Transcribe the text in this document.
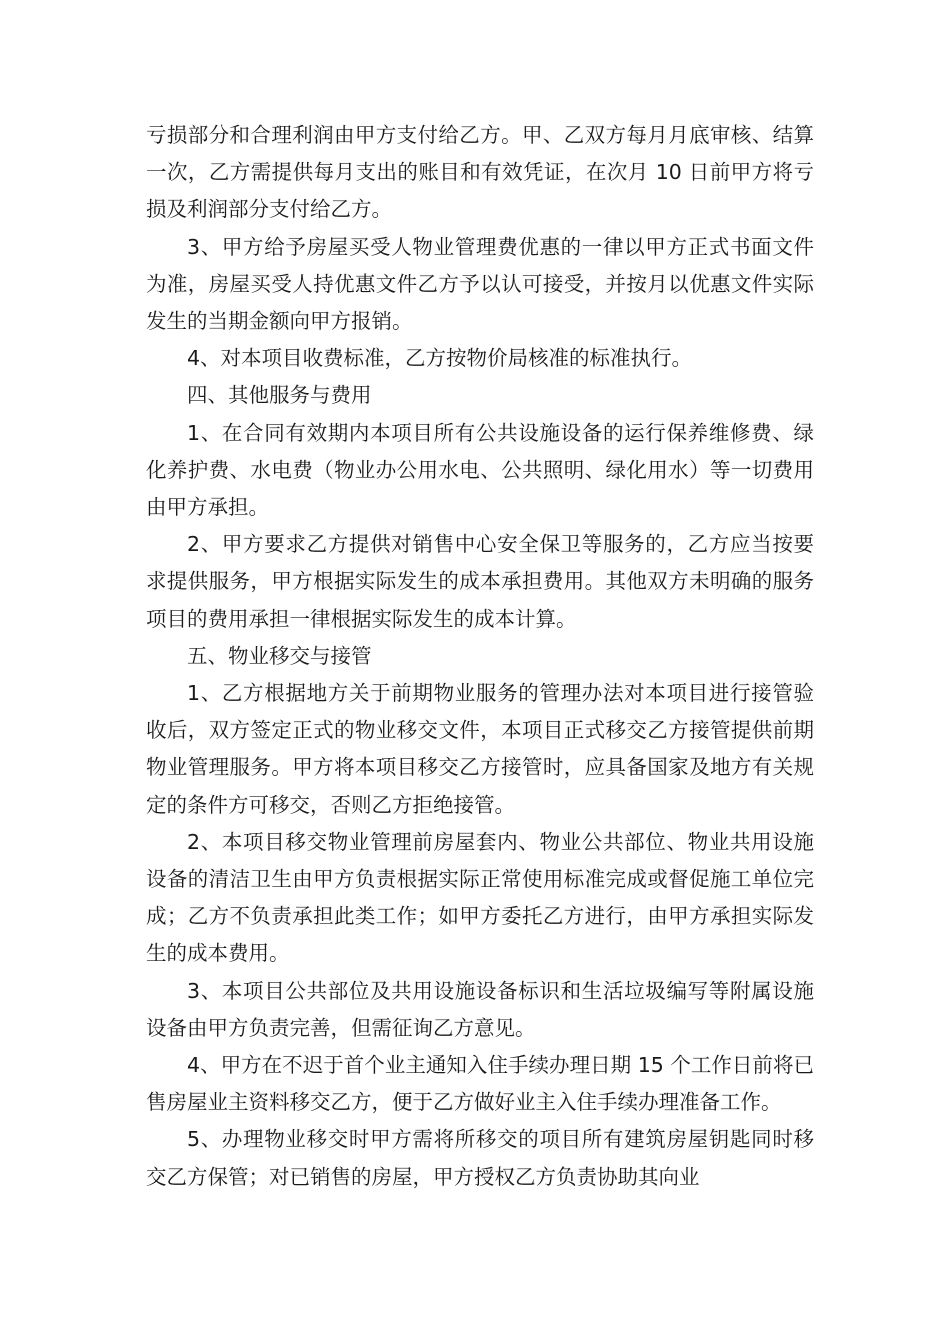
亏损部分和合理利润由甲方支付给乙方。甲、乙双方每月月底审核、结算一次，乙方需提供每月支出的账目和有效凭证，在次月 10 日前甲方将亏损及利润部分支付给乙方。

3、甲方给予房屋买受人物业管理费优惠的一律以甲方正式书面文件为准，房屋买受人持优惠文件乙方予以认可接受，并按月以优惠文件实际发生的当期金额向甲方报销。

4、对本项目收费标准，乙方按物价局核准的标准执行。

四、其他服务与费用

1、在合同有效期内本项目所有公共设施设备的运行保养维修费、绿化养护费、水电费（物业办公用水电、公共照明、绿化用水）等一切费用由甲方承担。

2、甲方要求乙方提供对销售中心安全保卫等服务的，乙方应当按要求提供服务，甲方根据实际发生的成本承担费用。其他双方未明确的服务项目的费用承担一律根据实际发生的成本计算。

五、物业移交与接管

1、乙方根据地方关于前期物业服务的管理办法对本项目进行接管验收后，双方签定正式的物业移交文件，本项目正式移交乙方接管提供前期物业管理服务。甲方将本项目移交乙方接管时，应具备国家及地方有关规定的条件方可移交，否则乙方拒绝接管。

2、本项目移交物业管理前房屋套内、物业公共部位、物业共用设施设备的清洁卫生由甲方负责根据实际正常使用标准完成或督促施工单位完成；乙方不负责承担此类工作；如甲方委托乙方进行，由甲方承担实际发生的成本费用。

3、本项目公共部位及共用设施设备标识和生活垃圾编写等附属设施设备由甲方负责完善，但需征询乙方意见。

4、甲方在不迟于首个业主通知入住手续办理日期 15 个工作日前将已售房屋业主资料移交乙方，便于乙方做好业主入住手续办理准备工作。

5、办理物业移交时甲方需将所移交的项目所有建筑房屋钥匙同时移交乙方保管；对已销售的房屋，甲方授权乙方负责协助其向业
